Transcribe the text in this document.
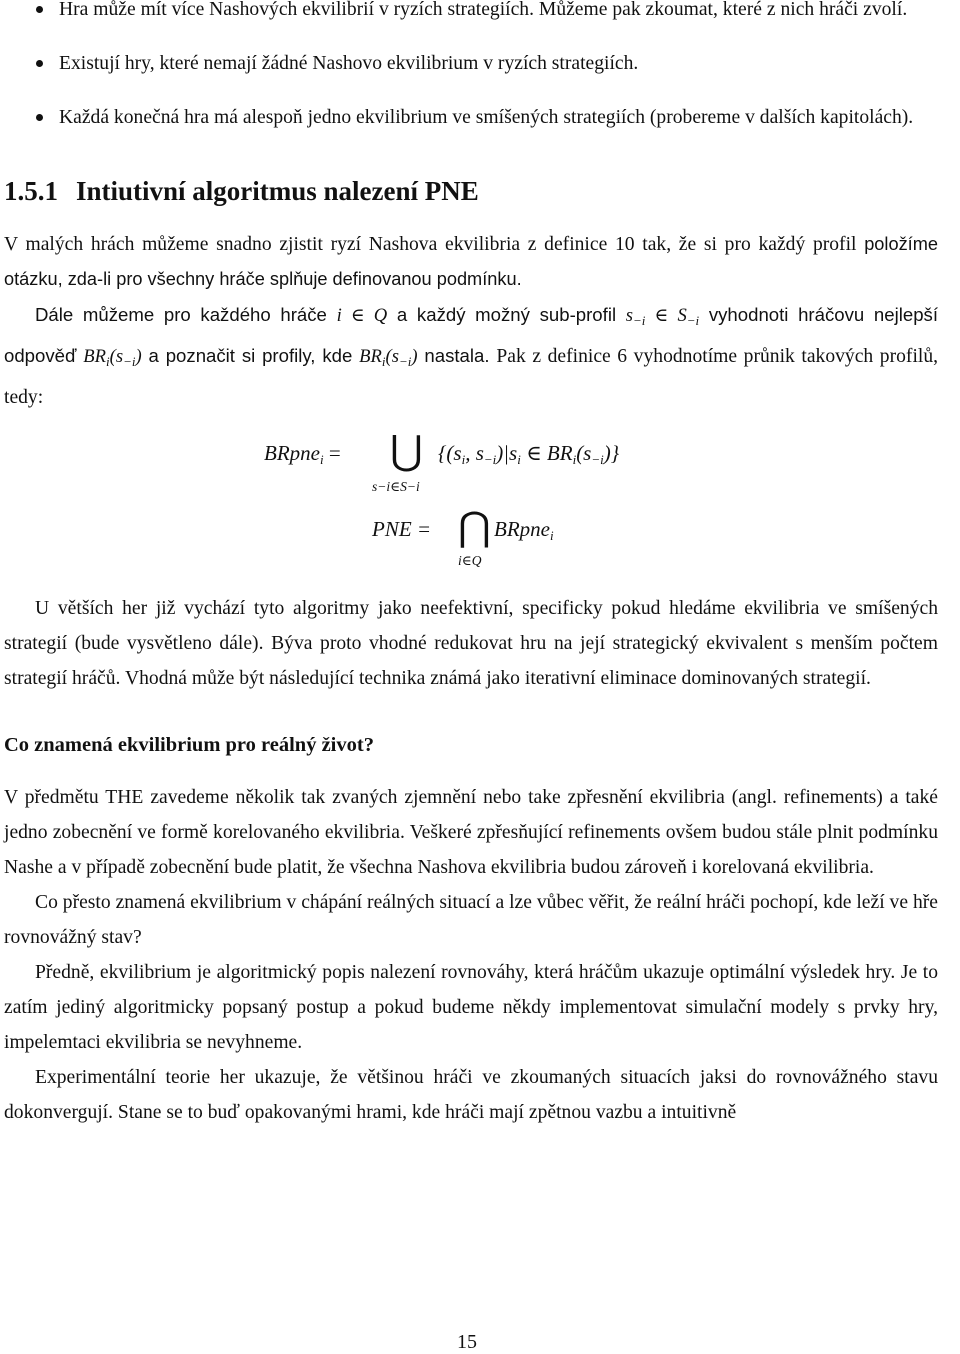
Hra může mít více Nashových ekvilibrií v ryzích strategiích. Můžeme pak zkoumat, které z nich hráči zvolí.
Existují hry, které nemají žádné Nashovo ekvilibrium v ryzích strategiích.
Každá konečná hra má alespoň jedno ekvilibrium ve smíšených strategiích (probereme v dalších kapitolách).
1.5.1 Intiutivní algoritmus nalezení PNE

V malých hrách můžeme snadno zjistit ryzí Nashova ekvilibria z definice 10 tak, že si pro každý profil položíme otázku, zda-li pro všechny hráče splňuje definovanou podmínku.

Dále můžeme pro každého hráče i ∈ Q a každý možný sub-profil $s_{-i}$ ∈ $S_{-i}$ vyhodnoti hráčovu nejlepší odpověď $BR_i(s_{-i})$ a poznačit si profily, kde $BR_i(s_{-i})$ nastala. Pak z definice 6 vyhodnotíme průnik takových profilů, tedy:

BRpne$_i$ = ⋃
s−i∈S−i
{($s_i$, $s_{-i})|s_i$ ∈ $BR_i(s_{-i})$}
PNE = ⋂
i∈Q
BRpne$_i$

U větších her již vychází tyto algoritmy jako neefektivní, specificky pokud hledáme ekvilibria ve smíšených strategií (bude vysvětleno dále). Býva proto vhodné redukovat hru na její strategický ekvivalent s menším počtem strategií hráčů. Vhodná může být následující technika známá jako iterativní eliminace dominovaných strategií.

Co znamená ekvilibrium pro reálný život?

V předmětu THE zavedeme několik tak zvaných zjemnění nebo take zpřesnění ekvilibria (angl. refinements) a také jedno zobecnění ve formě korelovaného ekvilibria. Veškeré zpřesňující refinements ovšem budou stále plnit podmínku Nashe a v případě zobecnění bude platit, že všechna Nashova ekvilibria budou zároveň i korelovaná ekvilibria.

Co přesto znamená ekvilibrium v chápání reálných situací a lze vůbec věřit, že reální hráči pochopí, kde leží ve hře rovnovážný stav?

Předně, ekvilibrium je algoritmický popis nalezení rovnováhy, která hráčům ukazuje optimální výsledek hry. Je to zatím jediný algoritmicky popsaný postup a pokud budeme někdy implementovat simulační modely s prvky hry, impelemtaci ekvilibria se nevyhneme.

Experimentální teorie her ukazuje, že většinou hráči ve zkoumaných situacích jaksi do rovnovážného stavu dokonvergují. Stane se to buď opakovanými hrami, kde hráči mají zpětnou vazbu a intuitivně

15
